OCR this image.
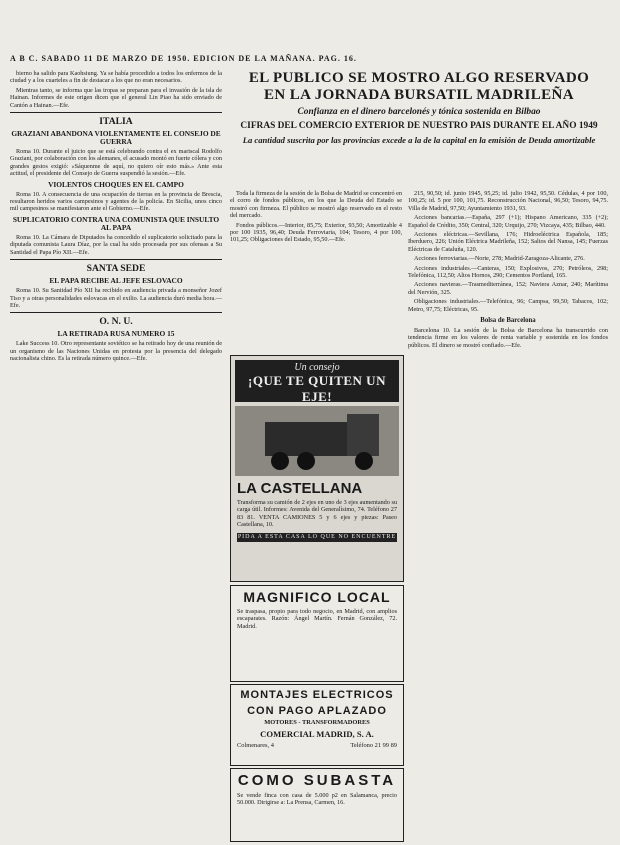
A B C. SABADO 11 DE MARZO DE 1950. EDICION DE LA MAÑANA. PAG. 16.

bierno ha salido para Kaohsiung. Ya se había procedido a todos los enfermos de la ciudad y a los cuarteles a fin de destacar a los que no eran necesarios.

Mientras tanto, se informa que las tropas se preparan para el invasión de la isla de Hainan. Informes de este origen dicen que el general Lin Piao ha sido enviado de Cantón a Hainan.—Efe.

ITALIA
GRAZIANI ABANDONA VIOLENTAMENTE EL CONSEJO DE GUERRA

Roma 10. Durante el juicio que se está celebrando contra el ex mariscal Rodolfo Graziani, por colaboración con los alemanes, el acusado montó en fuerte cólera y con grandes gestos exigió: «Sáquenme de aquí, no quiero oír esto más.» Ante esta actitud, el presidente del Consejo de Guerra suspendió la sesión.—Efe.

VIOLENTOS CHOQUES EN EL CAMPO

Roma 10. A consecuencia de una ocupación de tierras en la provincia de Brescia, resultaron heridos varios campesinos y agentes de la policía. En Sicilia, unos cinco mil campesinos se manifestaron ante el Gobierno.—Efe.

SUPLICATORIO CONTRA UNA COMUNISTA QUE INSULTO AL PAPA

Roma 10. La Cámara de Diputados ha concedido el suplicatorio solicitado para la diputada comunista Laura Díaz, por la cual ha sido procesada por sus ofensas a Su Santidad el Papa Pío XII.—Efe.

SANTA SEDE
EL PAPA RECIBE AL JEFE ESLOVACO

Roma 10. Su Santidad Pío XII ha recibido en audiencia privada a monseñor Jozef Tiso y a otras personalidades eslovacas en el exilio. La audiencia duró media hora.—Efe.

O. N. U.
LA RETIRADA RUSA NUMERO 15

Lake Success 10. Otro representante soviético se ha retirado hoy de una reunión de un organismo de las Naciones Unidas en protesta por la presencia del delegado nacionalista chino. Es la retirada número quince.—Efe.

EL PUBLICO SE MOSTRO ALGO RESERVADO
EN LA JORNADA BURSATIL MADRILEÑA
Confianza en el dinero barcelonés y tónica sostenida en Bilbao
CIFRAS DEL COMERCIO EXTERIOR DE NUESTRO PAIS DURANTE EL AÑO 1949
La cantidad suscrita por las provincias excede a la de la capital en la emisión de Deuda amortizable

Toda la firmeza de la sesión de la Bolsa de Madrid se concentró en el corro de fondos públicos, en los que la Deuda del Estado se mostró con firmeza. El público se mostró algo reservado en el resto del mercado.

Fondos públicos.—Interior, 85,75; Exterior, 93,50; Amortizable 4 por 100 1935, 96,40; Deuda Ferroviaria, 104; Tesoro, 4 por 100, 101,25; Obligaciones del Estado, 95,50.—Efe.

Un consejo
¡QUE TE QUITEN UN EJE!
LA CASTELLANA
Transforma su camión de 2 ejes en uno de 3 ejes aumentando su carga útil. Informes: Avenida del Generalísimo, 74. Teléfono 27 83 81. VENTA CAMIONES 5 y 6 ejes y piezas: Paseo Castellana, 10.
PIDA A ESTA CASA LO QUE NO ENCUENTRE
MAGNIFICO LOCAL
Se traspasa, propio para todo negocio, en Madrid, con amplios escaparates. Razón: Ángel Martín. Fernán González, 72. Madrid.
MONTAJES ELECTRICOS
CON PAGO APLAZADO
MOTORES - TRANSFORMADORES
COMERCIAL MADRID, S. A.
Colmenares, 4	Teléfono 21 99 89
COMO SUBASTA
Se vende finca con casa de 5.000 p2 en Salamanca, precio 50.000. Dirigirse a: La Prensa, Carmen, 16.

215, 90,50; id. junio 1945, 95,25; id. julio 1942, 95,50. Cédulas, 4 por 100, 100,25; id. 5 por 100, 101,75. Reconstrucción Nacional, 96,50; Tesoro, 94,75. Villa de Madrid, 97,50; Ayuntamiento 1931, 93.

Acciones bancarias.—España, 297 (+1); Hispano Americano, 335 (+2); Español de Crédito, 350; Central, 320; Urquijo, 270; Vizcaya, 435; Bilbao, 440.

Acciones eléctricas.—Sevillana, 176; Hidroeléctrica Española, 185; Iberduero, 226; Unión Eléctrica Madrileña, 152; Saltos del Nansa, 145; Fuerzas Eléctricas de Cataluña, 120.

Acciones ferroviarias.—Norte, 278; Madrid-Zaragoza-Alicante, 276.

Acciones industriales.—Canteras, 150; Explosivos, 270; Petróleos, 298; Telefónica, 112,50; Altos Hornos, 290; Cementos Portland, 165.

Acciones navieras.—Trasmediterránea, 152; Naviera Aznar, 240; Marítima del Nervión, 325.

Obligaciones industriales.—Telefónica, 96; Campsa, 99,50; Tabacos, 102; Metro, 97,75; Eléctricas, 95.

Bolsa de Barcelona

Barcelona 10. La sesión de la Bolsa de Barcelona ha transcurrido con tendencia firme en los valores de renta variable y sostenida en los fondos públicos. El dinero se mostró confiado.—Efe.
